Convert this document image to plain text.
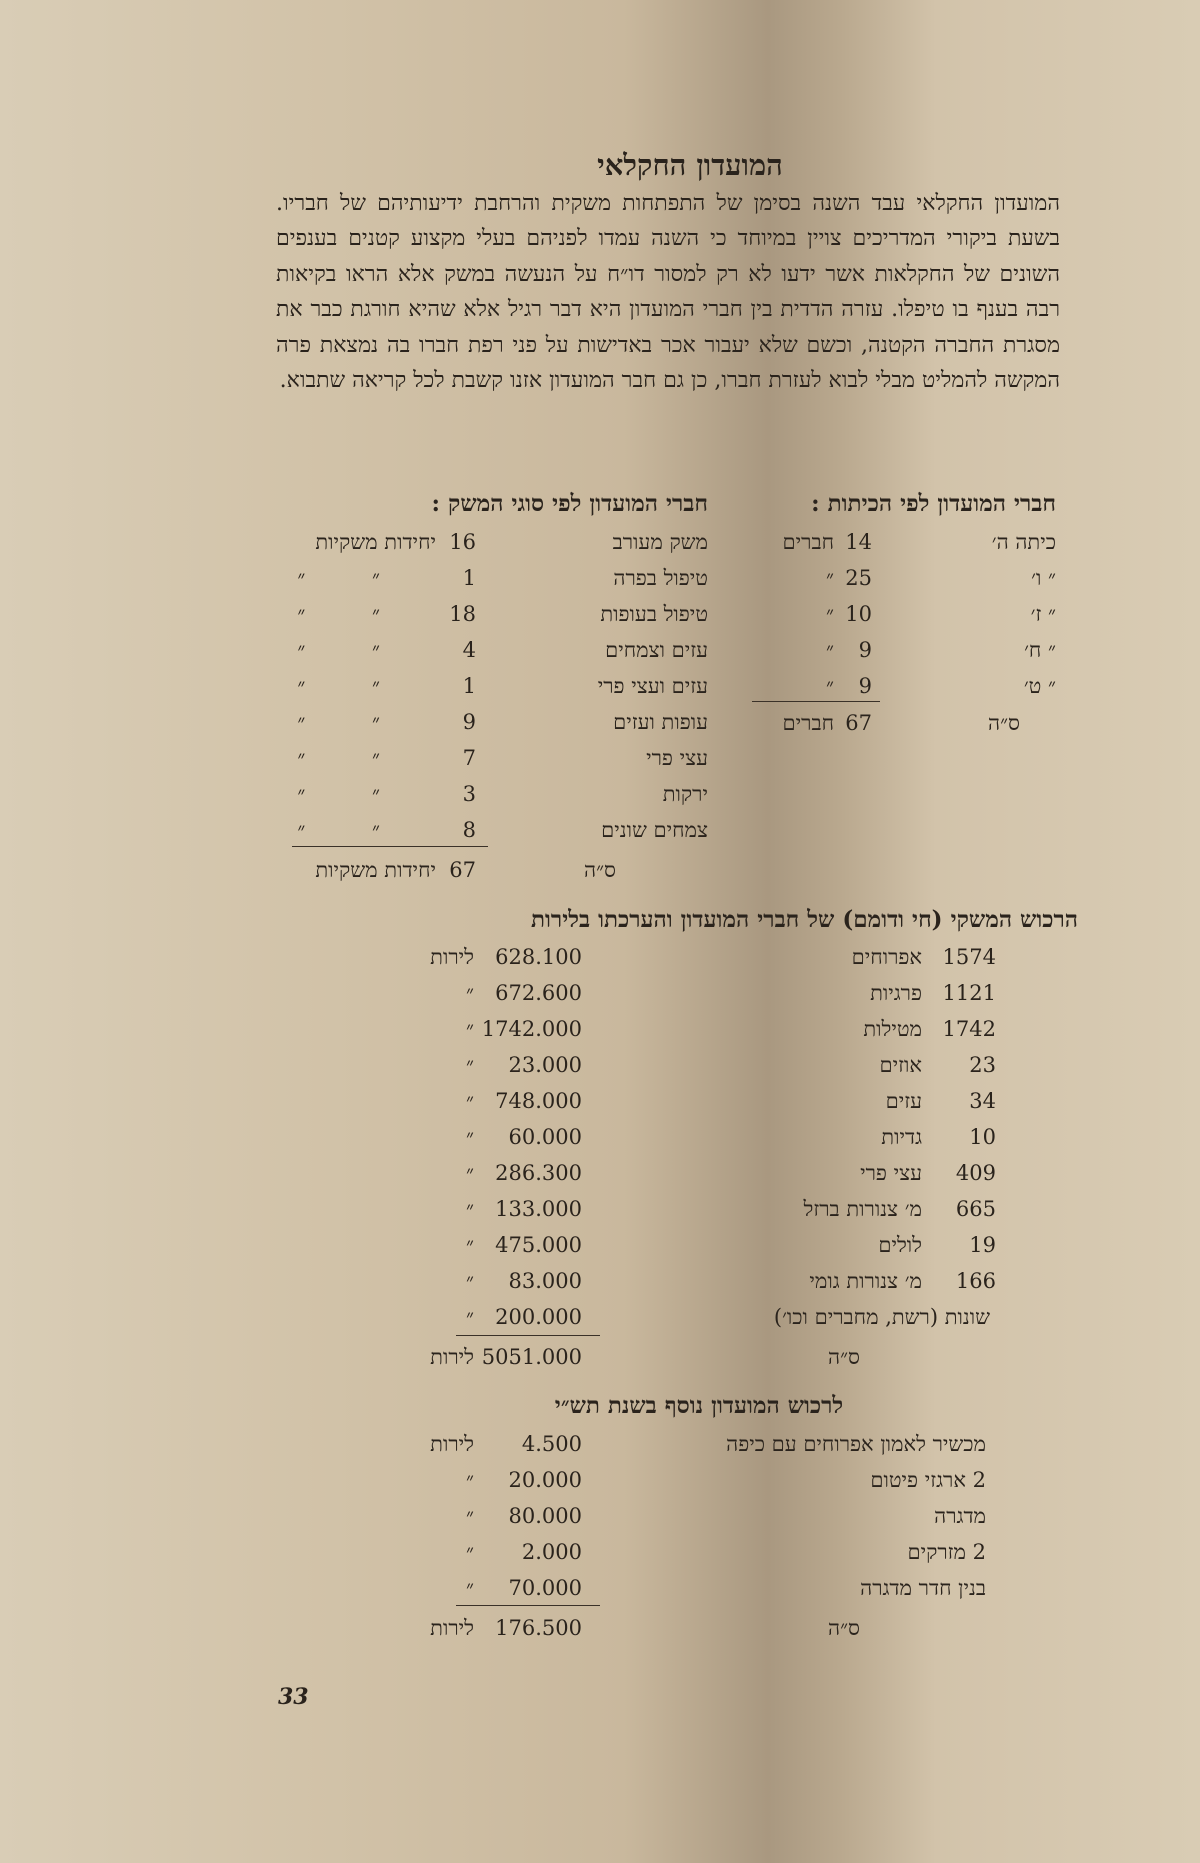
המועדון החקלאי
המועדון החקלאי עבד השנה בסימן של התפתחות משקית והרחבת ידיעותיהם של חבריו. בשעת ביקורי המדריכים צויין במיוחד כי השנה עמדו לפניהם בעלי מקצוע קטנים בענפים השונים של החקלאות אשר ידעו לא רק למסור דו״ח על הנעשה במשק אלא הראו בקיאות רבה בענף בו טיפלו. עזרה הדדית בין חברי המועדון היא דבר רגיל אלא שהיא חורגת כבר את מסגרת החברה הקטנה, וכשם שלא יעבור אכר באדישות על פני רפת חברו בה נמצאת פרה המקשה להמליט מבלי לבוא לעזרת חברו, כן גם חבר המועדון אזנו קשבת לכל קריאה שתבוא.
חברי המועדון לפי הכיתות :
כיתה ה׳
14
חברים
״ ו׳
25
״
״ ז׳
10
״
״ ח׳
9
״
״ ט׳
9
״
ס״ה
67
חברים
חברי המועדון לפי סוגי המשק :
משק מעורב
16
יחידות משקיות
טיפול בפרה
1
״ ״
טיפול בעופות
18
״ ״
עזים וצמחים
4
״ ״
עזים ועצי פרי
1
״ ״
עופות ועזים
9
״ ״
עצי פרי
7
״ ״
ירקות
3
״ ״
צמחים שונים
8
״ ״
ס״ה
67
יחידות משקיות
הרכוש המשקי (חי ודומם) של חברי המועדון והערכתו בלירות
1574
אפרוחים
628.100
לירות
1121
פרגיות
672.600
״
1742
מטילות
1742.000
״
23
אוזים
23.000
״
34
עזים
748.000
״
10
גדיות
60.000
״
409
עצי פרי
286.300
״
665
מ׳ צנורות ברזל
133.000
״
19
לולים
475.000
״
166
מ׳ צנורות גומי
83.000
״
שונות (רשת, מחברים וכו׳)
200.000
״
ס״ה
5051.000
לירות
לרכוש המועדון נוסף בשנת תש״י
מכשיר לאמון אפרוחים עם כיפה
4.500
לירות
2 ארגזי פיטום
20.000
״
מדגרה
80.000
״
2 מזרקים
2.000
״
בנין חדר מדגרה
70.000
״
ס״ה
176.500
לירות
33
